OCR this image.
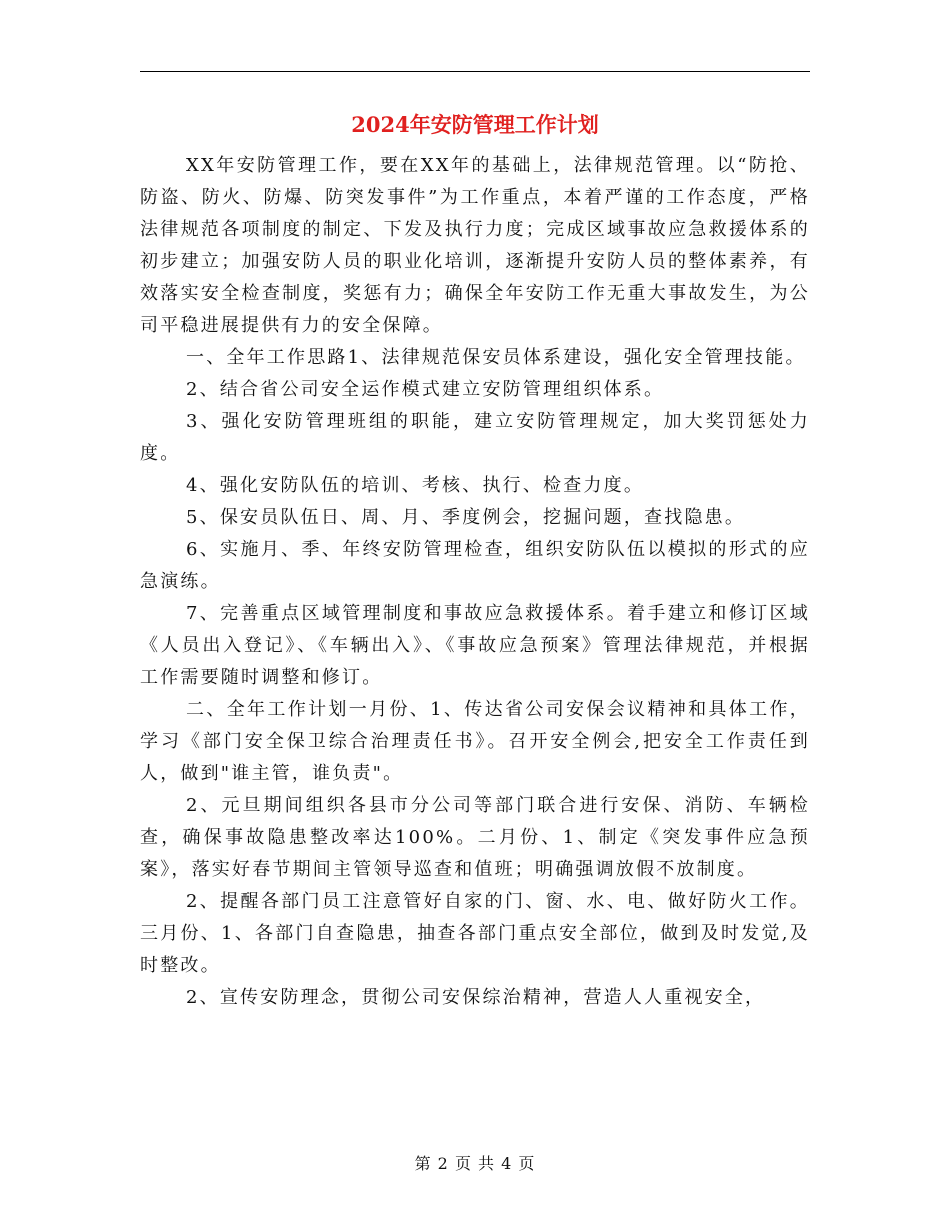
2024年安防管理工作计划

XX年安防管理工作，要在XX年的基础上，法律规范管理。以“防抢、防盗、防火、防爆、防突发事件”为工作重点，本着严谨的工作态度，严格法律规范各项制度的制定、下发及执行力度；完成区域事故应急救援体系的初步建立；加强安防人员的职业化培训，逐渐提升安防人员的整体素养，有效落实安全检查制度，奖惩有力；确保全年安防工作无重大事故发生，为公司平稳进展提供有力的安全保障。

一、全年工作思路1、法律规范保安员体系建设，强化安全管理技能。

2、结合省公司安全运作模式建立安防管理组织体系。

3、强化安防管理班组的职能，建立安防管理规定，加大奖罚惩处力度。

4、强化安防队伍的培训、考核、执行、检查力度。

5、保安员队伍日、周、月、季度例会，挖掘问题，查找隐患。

6、实施月、季、年终安防管理检查，组织安防队伍以模拟的形式的应急演练。

7、完善重点区域管理制度和事故应急救援体系。着手建立和修订区域《人员出入登记》、《车辆出入》、《事故应急预案》管理法律规范，并根据工作需要随时调整和修订。

二、全年工作计划一月份、1、传达省公司安保会议精神和具体工作，学习《部门安全保卫综合治理责任书》。召开安全例会,把安全工作责任到人，做到"谁主管，谁负责"。

2、元旦期间组织各县市分公司等部门联合进行安保、消防、车辆检查，确保事故隐患整改率达100%。二月份、1、制定《突发事件应急预案》，落实好春节期间主管领导巡查和值班；明确强调放假不放制度。

2、提醒各部门员工注意管好自家的门、窗、水、电、做好防火工作。三月份、1、各部门自查隐患，抽查各部门重点安全部位，做到及时发觉,及时整改。

2、宣传安防理念，贯彻公司安保综治精神，营造人人重视安全，

第 2 页 共 4 页
